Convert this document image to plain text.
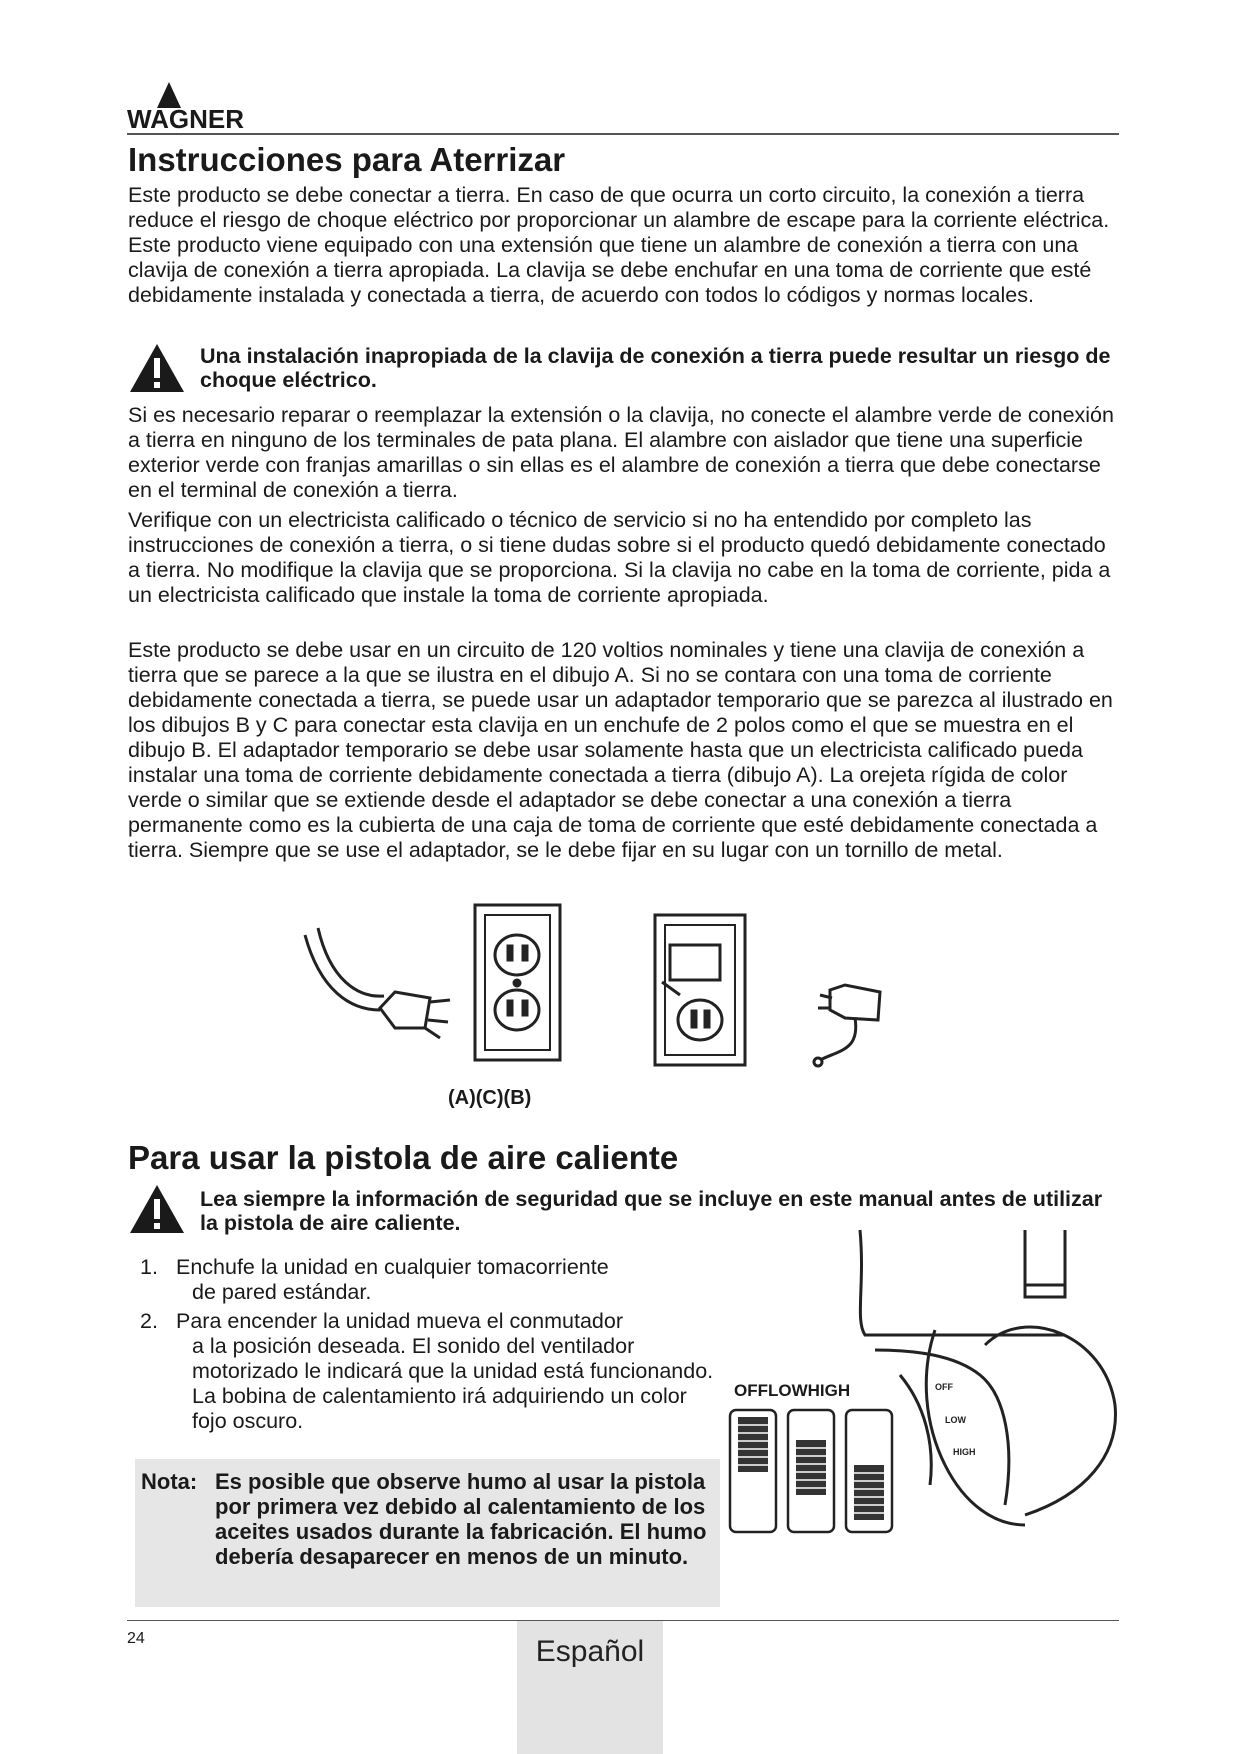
WAGNER
Instrucciones para Aterrizar

Este producto se debe conectar a tierra. En caso de que ocurra un corto circuito, la conexión a tierra reduce el riesgo de choque eléctrico por proporcionar un alambre de escape para la corriente eléctrica. Este producto viene equipado con una extensión que tiene un alambre de conexión a tierra con una clavija de conexión a tierra apropiada. La clavija se debe enchufar en una toma de corriente que esté debidamente instalada y conectada a tierra, de acuerdo con todos lo códigos y normas locales.

Una instalación inapropiada de la clavija de conexión a tierra puede resultar un riesgo de choque eléctrico.

Si es necesario reparar o reemplazar la extensión o la clavija, no conecte el alambre verde de conexión a tierra en ninguno de los terminales de pata plana. El alambre con aislador que tiene una superficie exterior verde con franjas amarillas o sin ellas es el alambre de conexión a tierra que debe conectarse en el terminal de conexión a tierra.

Verifique con un electricista calificado o técnico de servicio si no ha entendido por completo las instrucciones de conexión a tierra, o si tiene dudas sobre si el producto quedó debidamente conectado a tierra. No modifique la clavija que se proporciona. Si la clavija no cabe en la toma de corriente, pida a un electricista calificado que instale la toma de corriente apropiada.

Este producto se debe usar en un circuito de 120 voltios nominales y tiene una clavija de conexión a tierra que se parece a la que se ilustra en el dibujo A. Si no se contara con una toma de corriente debidamente conectada a tierra, se puede usar un adaptador temporario que se parezca al ilustrado en los dibujos B y C para conectar esta clavija en un enchufe de 2 polos como el que se muestra en el dibujo B. El adaptador temporario se debe usar solamente hasta que un electricista calificado pueda instalar una toma de corriente debidamente conectada a tierra (dibujo A). La orejeta rígida de color verde o similar que se extiende desde el adaptador se debe conectar a una conexión a tierra permanente como es la cubierta de una caja de toma de corriente que esté debidamente conectada a tierra. Siempre que se use el adaptador, se le debe fijar en su lugar con un tornillo de metal.

(A)(C)(B)
Para usar la pistola de aire caliente

Lea siempre la información de seguridad que se incluye en este manual antes de utilizar la pistola de aire caliente.

1. Enchufe la unidad en cualquier tomacorriente
de pared estándar.
2. Para encender la unidad mueva el conmutador
a la posición deseada. El sonido del ventilador motorizado le indicará que la unidad está funcionando. La bobina de calentamiento irá adquiriendo un color fojo oscuro.
OFF
LOW
HIGH
OFFLOWHIGH
Nota: Es posible que observe humo al usar la pistola por primera vez debido al calentamiento de los aceites usados durante la fabricación. El humo debería desaparecer en menos de un minuto.
24	Español
